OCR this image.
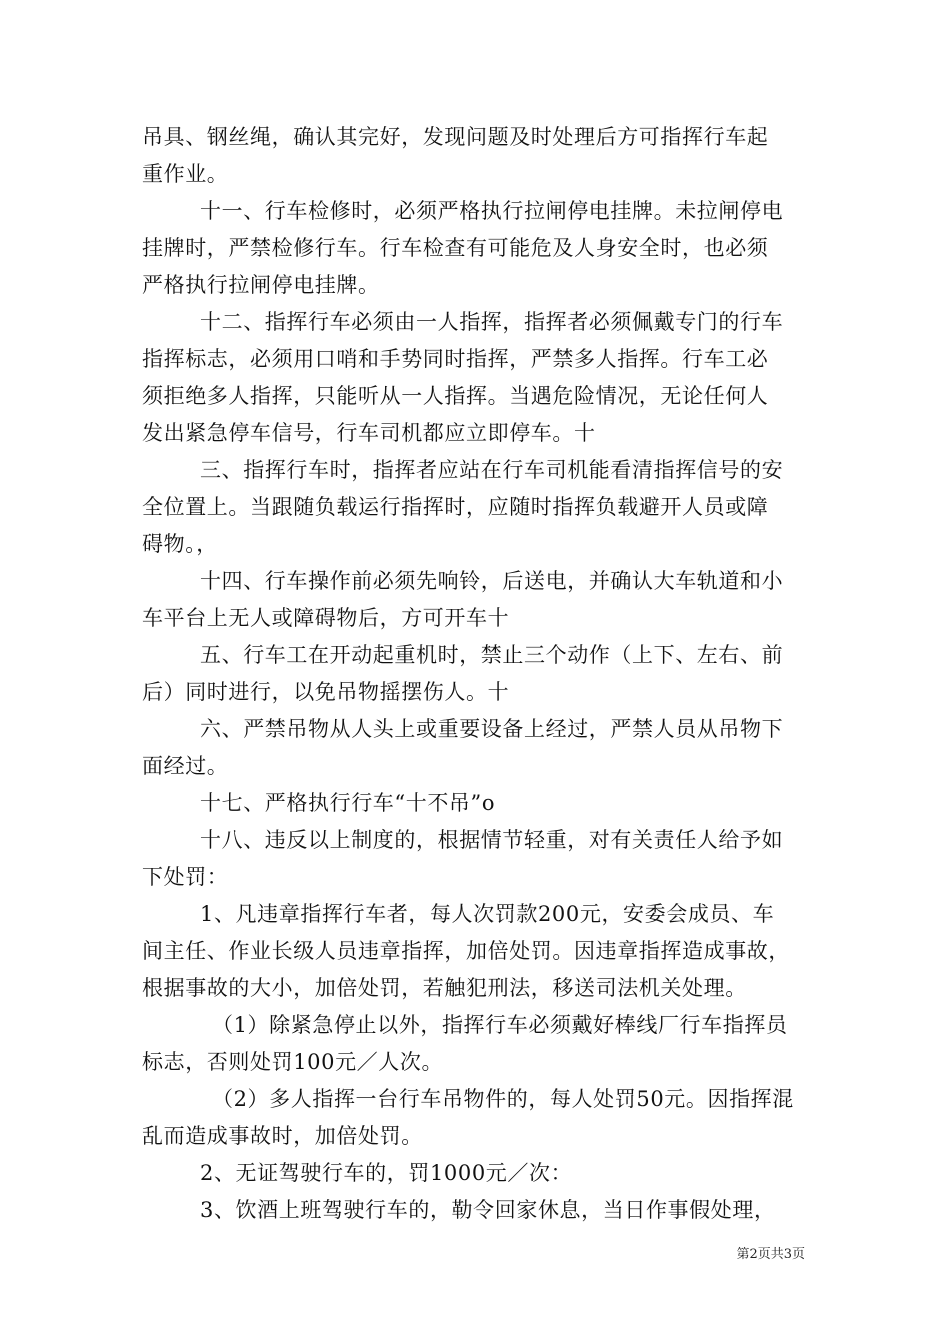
吊具、钢丝绳，确认其完好，发现问题及时处理后方可指挥行车起
重作业。
十一、行车检修时，必须严格执行拉闸停电挂牌。未拉闸停电
挂牌时，严禁检修行车。行车检查有可能危及人身安全时，也必须
严格执行拉闸停电挂牌。
十二、指挥行车必须由一人指挥，指挥者必须佩戴专门的行车
指挥标志，必须用口哨和手势同时指挥，严禁多人指挥。行车工必
须拒绝多人指挥，只能听从一人指挥。当遇危险情况，无论任何人
发出紧急停车信号，行车司机都应立即停车。十
三、指挥行车时，指挥者应站在行车司机能看清指挥信号的安
全位置上。当跟随负载运行指挥时，应随时指挥负载避开人员或障
碍物。，
十四、行车操作前必须先响铃，后送电，并确认大车轨道和小
车平台上无人或障碍物后，方可开车十
五、行车工在开动起重机时，禁止三个动作（上下、左右、前
后）同时进行，以免吊物摇摆伤人。十
六、严禁吊物从人头上或重要设备上经过，严禁人员从吊物下
面经过。
十七、严格执行行车“十不吊”o
十八、违反以上制度的，根据情节轻重，对有关责任人给予如
下处罚：
1、凡违章指挥行车者，每人次罚款200元，安委会成员、车
间主任、作业长级人员违章指挥，加倍处罚。因违章指挥造成事故，
根据事故的大小，加倍处罚，若触犯刑法，移送司法机关处理。
（1）除紧急停止以外，指挥行车必须戴好棒线厂行车指挥员
标志，否则处罚100元／人次。
（2）多人指挥一台行车吊物件的，每人处罚50元。因指挥混
乱而造成事故时，加倍处罚。
2、无证驾驶行车的，罚1000元／次：
3、饮酒上班驾驶行车的，勒令回家休息，当日作事假处理，
第2页共3页
